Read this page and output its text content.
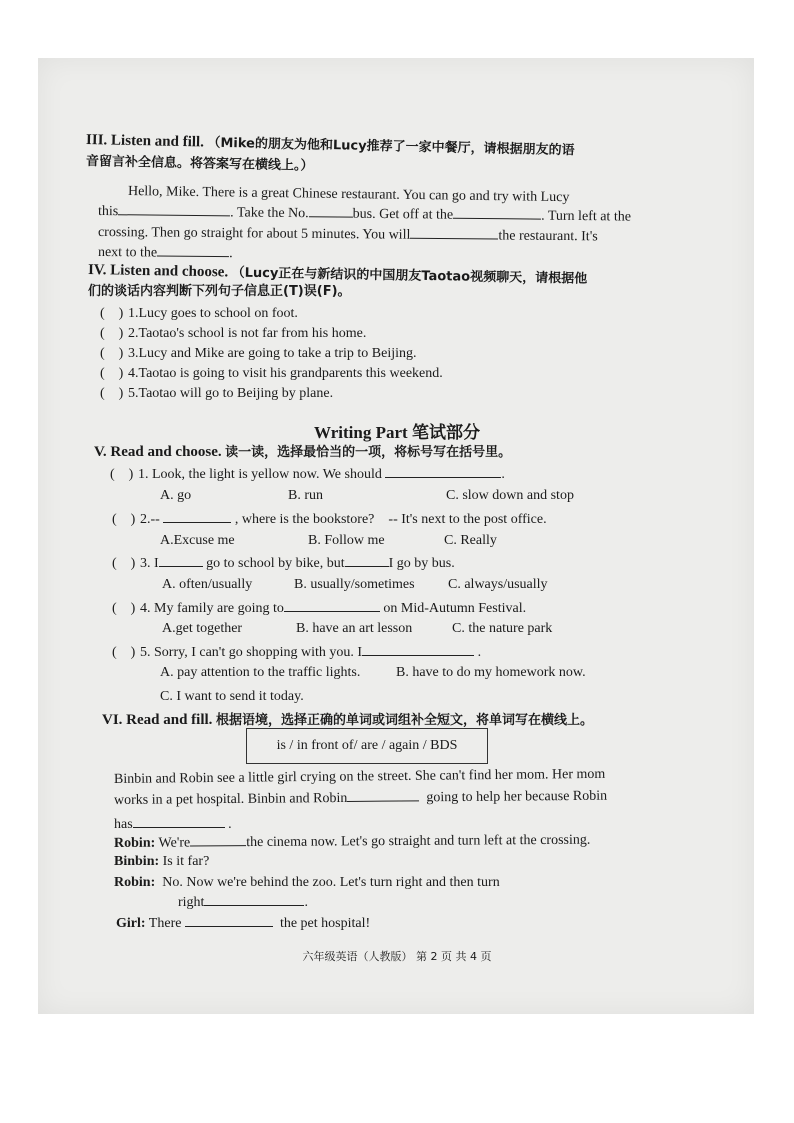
III. Listen and fill. （Mike的朋友为他和Lucy推荐了一家中餐厅，请根据朋友的语
音留言补全信息。将答案写在横线上。）
Hello, Mike. There is a great Chinese restaurant. You can go and try with Lucy
this	. Take the No.	bus. Get off at the	. Turn left at the
crossing. Then go straight for about 5 minutes. You will	the restaurant. It's
next to the	.
IV. Listen and choose. （Lucy正在与新结识的中国朋友Taotao视频聊天，请根据他
们的谈话内容判断下列句子信息正(T)误(F)。
(    ) 1.Lucy goes to school on foot.
(    ) 2.Taotao's school is not far from his home.
(    ) 3.Lucy and Mike are going to take a trip to Beijing.
(    ) 4.Taotao is going to visit his grandparents this weekend.
(    ) 5.Taotao will go to Beijing by plane.
Writing Part 笔试部分
V. Read and choose. 读一读，选择最恰当的一项，将标号写在括号里。
(    ) 1. Look, the light is yellow now. We should	.
A. go	B. run	C. slow down and stop
(    ) 2.--	, where is the bookstore? -- It's next to the post office.
A.Excuse me	B. Follow me	C. Really
(    ) 3. I	go to school by bike, but	I go by bus.
A. often/usually	B. usually/sometimes C. always/usually
(    ) 4. My family are going to	on Mid-Autumn Festival.
A.get together	B. have an art lesson	C. the nature park
(    ) 5. Sorry, I can't go shopping with you. I	.
A. pay attention to the traffic lights.	B. have to do my homework now.
C. I want to send it today.
VI. Read and fill. 根据语境，选择正确的单词或词组补全短文，将单词写在横线上。
is / in front of/ are / again / BDS
Binbin and Robin see a little girl crying on the street. She can't find her mom. Her mom
works in a pet hospital. Binbin and Robin	going to help her because Robin
has	.
Robin: We're	the cinema now. Let's go straight and turn left at the crossing.
Binbin: Is it far?
Robin: No. Now we're behind the zoo. Let's turn right and then turn
right	.
Girl: There	the pet hospital!
六年级英语（人教版） 第 2 页 共 4 页
